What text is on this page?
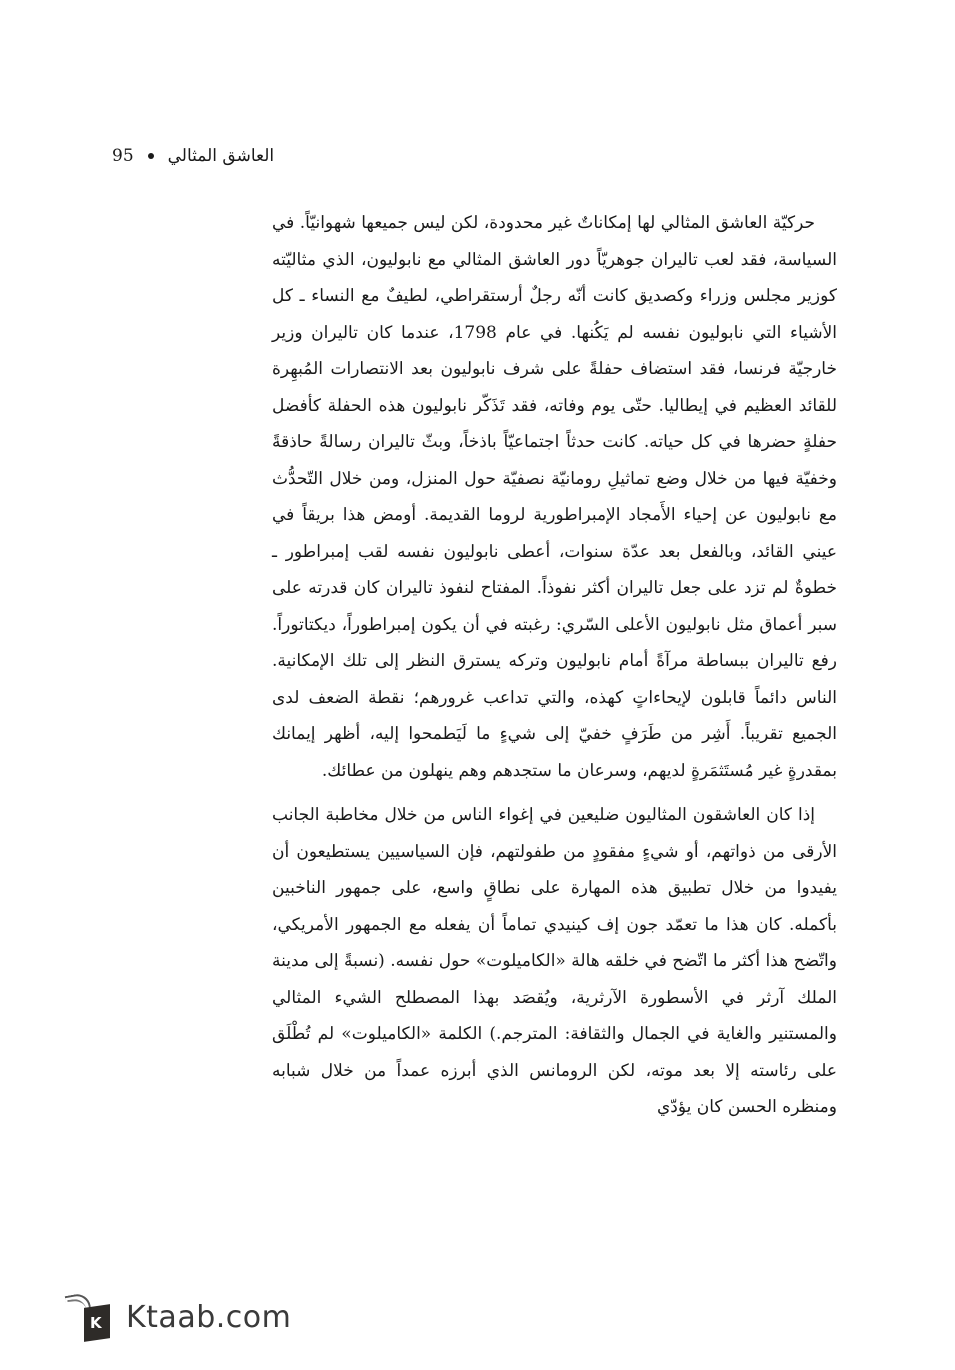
95 العاشق المثالي

حركيّة العاشق المثالي لها إمكاناتٌ غير محدودة، لكن ليس جميعها شهوانيّاً. في السياسة، فقد لعب تاليران جوهريّاً دور العاشق المثالي مع نابوليون، الذي مثاليّته كوزير مجلس وزراء وكصديق كانت أنّه رجلٌ أرستقراطي، لطيفٌ مع النساء ـ كل الأشياء التي نابوليون نفسه لم يَكُنها. في عام 1798، عندما كان تاليران وزير خارجيّة فرنسا، فقد استضاف حفلةً على شرف نابوليون بعد الانتصارات المُبهِرة للقائد العظيم في إيطاليا. حتّى يوم وفاته، فقد تَذَكّر نابوليون هذه الحفلة كأفضل حفلةٍ حضرها في كل حياته. كانت حدثاً اجتماعيّاً باذخاً، وبثّ تاليران رسالةً حاذقةً وخفيّة فيها من خلال وضع تماثيلِ رومانيّة نصفيّة حول المنزل، ومن خلال التّحدُّث مع نابوليون عن إحياء الأَمجاد الإمبراطورية لروما القديمة. أومض هذا بريقاً في عيني القائد، وبالفعل بعد عدّة سنوات، أعطى نابوليون نفسه لقب إمبراطور ـ خطوةٌ لم تزد على جعل تاليران أكثر نفوذاً. المفتاح لنفوذ تاليران كان قدرته على سبر أعماق مثل نابوليون الأعلى السّري: رغبته في أن يكون إمبراطوراً، ديكتاتوراً. رفع تاليران ببساطة مرآةً أمام نابوليون وتركه يسترق النظر إلى تلك الإمكانية. الناس دائماً قابلون لإيحاءاتٍ كهذه، والتي تداعب غرورهم؛ نقطة الضعف لدى الجميع تقريباً. أَشِر من طَرَفٍ خفيّ إلى شيءٍ ما لَيَطمحوا إليه، أظهر إيمانك بمقدرةٍ غير مُستَثمَرةٍ لديهم، وسرعان ما ستجدهم وهم ينهلون من عطائك.

إذا كان العاشقون المثاليون ضليعين في إغواء الناس من خلال مخاطبة الجانب الأرقى من ذواتهم، أو شيءٍ مفقودٍ من طفولتهم، فإن السياسيين يستطيعون أن يفيدوا من خلال تطبيق هذه المهارة على نطاقٍ واسع، على جمهور الناخبين بأكمله. كان هذا ما تعمّد جون إف كينيدي تماماً أن يفعله مع الجمهور الأمريكي، واتّضح هذا أكثر ما اتّضح في خلقه هالة «الكاميلوت» حول نفسه. (نسبةً إلى مدينة الملك آرثر في الأسطورة الآرثرية، ويُقصَد بهذا المصطلح الشيء المثالي والمستنير والغاية في الجمال والثقافة: المترجم.) الكلمة «الكاميلوت» لم تُطْلَق على رئاسته إلا بعد موته، لكن الرومانس الذي أبرزه عمداً من خلال شبابه ومنظره الحسن كان يؤدّي

K Ktaab.com
